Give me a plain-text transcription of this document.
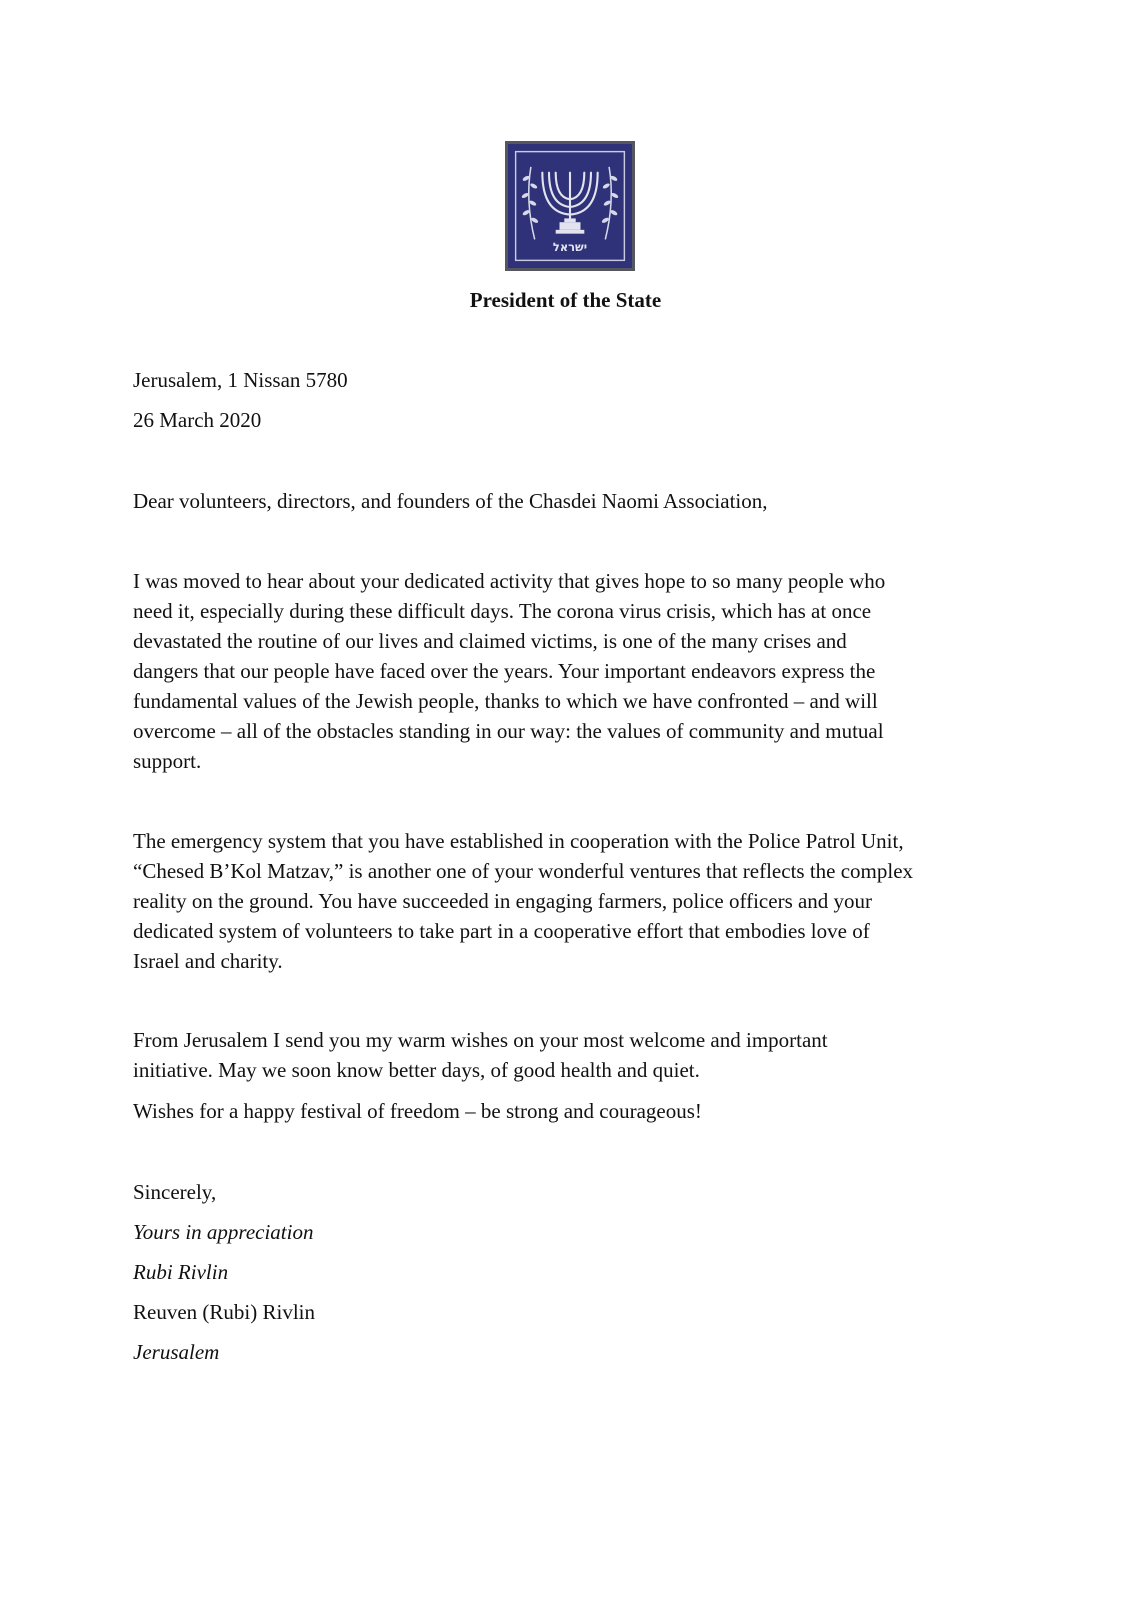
ישראל
President of the State
Jerusalem, 1 Nissan 5780
26 March 2020
Dear volunteers, directors, and founders of the Chasdei Naomi Association,
I was moved to hear about your dedicated activity that gives hope to so many people who
need it, especially during these difficult days. The corona virus crisis, which has at once
devastated the routine of our lives and claimed victims, is one of the many crises and
dangers that our people have faced over the years. Your important endeavors express the
fundamental values of the Jewish people, thanks to which we have confronted – and will
overcome – all of the obstacles standing in our way: the values of community and mutual
support.
The emergency system that you have established in cooperation with the Police Patrol Unit,
“Chesed B’Kol Matzav,” is another one of your wonderful ventures that reflects the complex
reality on the ground. You have succeeded in engaging farmers, police officers and your
dedicated system of volunteers to take part in a cooperative effort that embodies love of
Israel and charity.
From Jerusalem I send you my warm wishes on your most welcome and important
initiative. May we soon know better days, of good health and quiet.
Wishes for a happy festival of freedom – be strong and courageous!
Sincerely,
Yours in appreciation
Rubi Rivlin
Reuven (Rubi) Rivlin
Jerusalem
